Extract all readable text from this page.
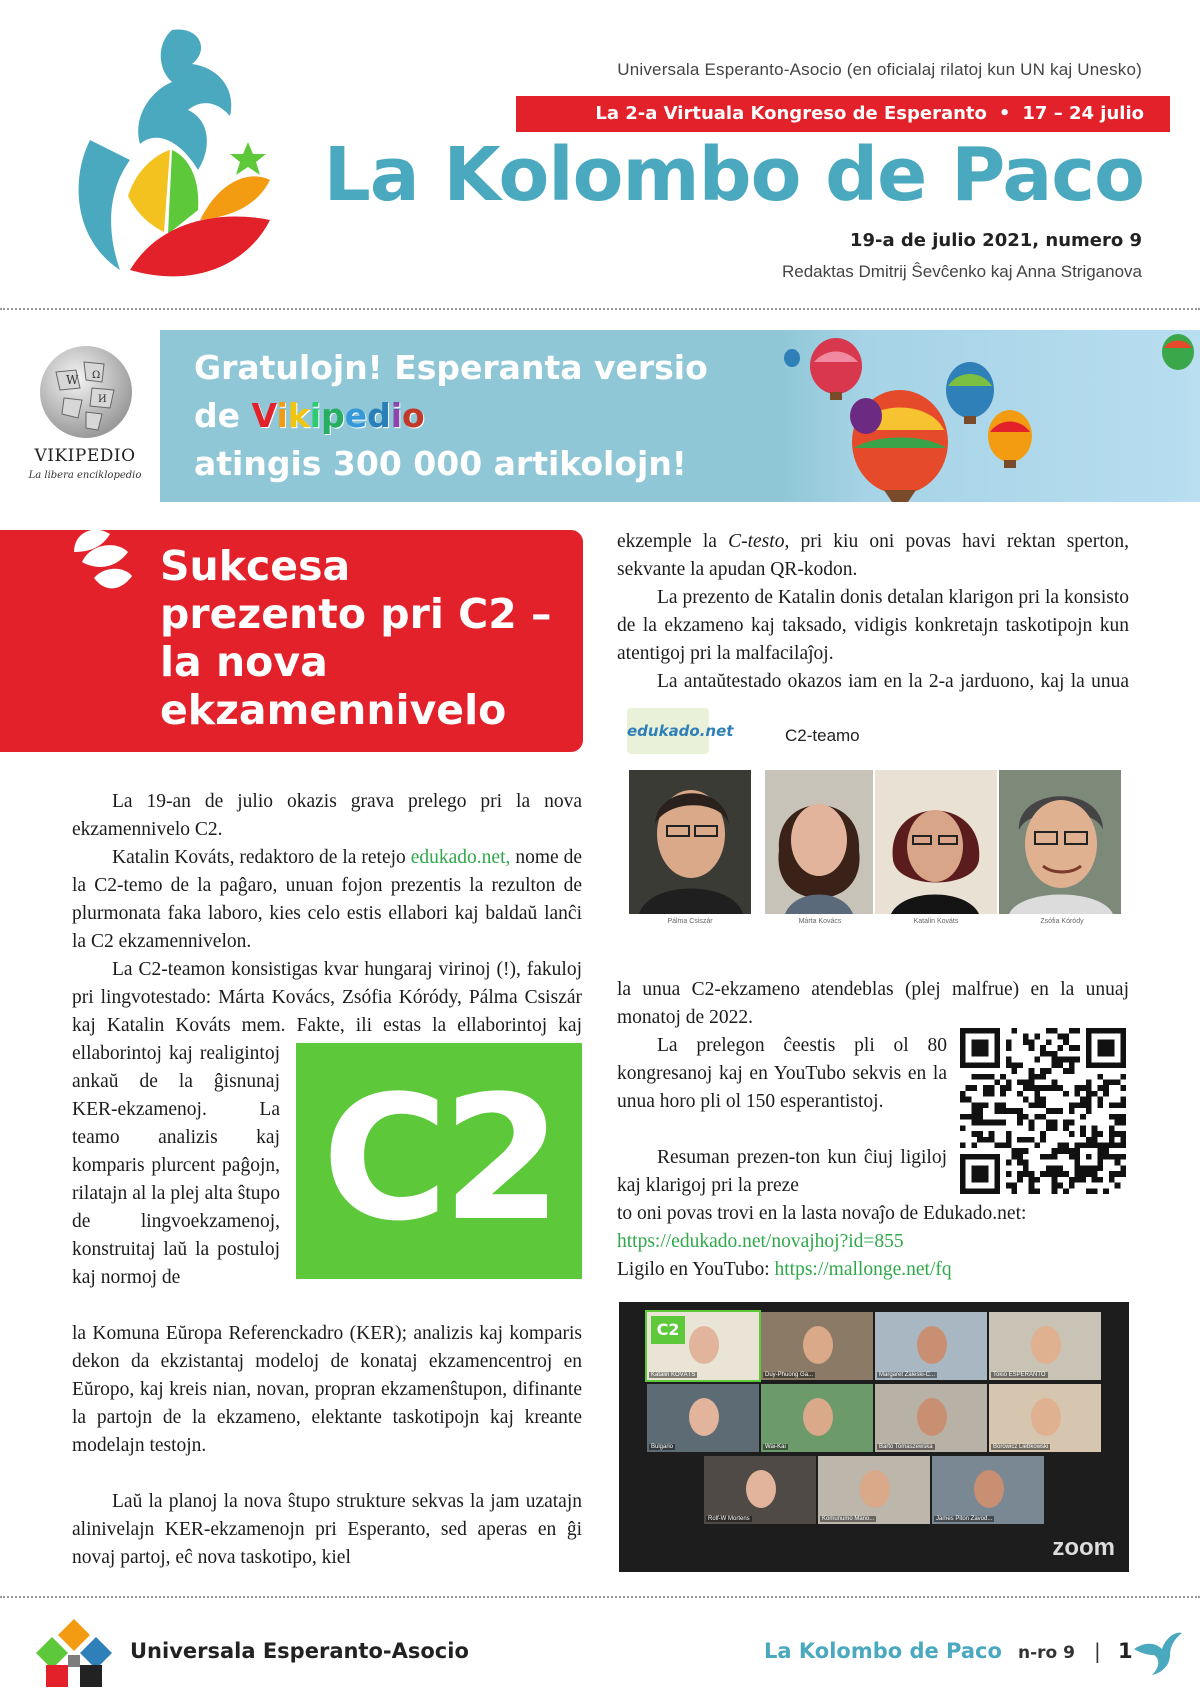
Universala Esperanto-Asocio (en oficialaj rilatoj kun UN kaj Unesko)
La 2-a Virtuala Kongreso de Esperanto • 17 – 24 julio
La Kolombo de Paco
19-a de julio 2021, numero 9
Redaktas Dmitrij Ŝevĉenko kaj Anna Striganova
W Ω
И
VIKIPEDIO
La libera enciklopedio
Gratulojn! Esperanta versio
de Vikipedio
atingis 300 000 artikolojn!
Sukcesa
prezento pri C2 –
la nova
ekzamennivelo

La 19-an de julio okazis grava prelego pri la nova ekzamennivelo C2.

Katalin Kováts, redaktoro de la retejo edukado.net, nome de la C2-temo de la paĝaro, unuan fojon prezentis la rezulton de plurmonata faka laboro, kies celo estis ellabori kaj baldaŭ lanĉi la C2 ekzamennivelon.

La C2-teamon konsistigas kvar hungaraj virinoj (!), fakuloj pri lingvotestado: Márta Kovács, Zsófia Kóródy, Pálma Csiszár kaj Katalin Kováts mem. Fakte, ili estas la ellaborintoj kaj

C2

ellaborintoj kaj realigintoj ankaŭ de la ĝisnunaj KER-ekzamenoj. La teamo analizis kaj komparis plurcent paĝojn, rilatajn al la plej alta ŝtupo de lingvoekzamenoj, konstruitaj laŭ la postuloj kaj normoj de

la Komuna Eŭropa Referenckadro (KER); analizis kaj komparis dekon da ekzistantaj modeloj de konataj ekzamencentroj en Eŭropo, kaj kreis nian, novan, propran ekzamenŝtupon, difinante la partojn de la ekzameno, elektante taskotipojn kaj kreante modelajn testojn.

Laŭ la planoj la nova ŝtupo strukture sekvas la jam uzatajn alinivelajn KER-ekzamenojn pri Esperanto, sed aperas en ĝi novaj partoj, eĉ nova taskotipo, kiel

ekzemple la C-testo, pri kiu oni povas havi rektan sperton, sekvante la apudan QR-kodon.

La prezento de Katalin donis detalan klarigon pri la konsisto de la ekzameno kaj taksado, vidigis konkretajn taskotipojn kun atentigoj pri la malfacilaĵoj.

La antaŭtestado okazos iam en la 2-a jarduono, kaj la unua

edukado.net	C2-teamo
Pálma Csiszár	Márta Kovács	Katalin Kováts	Zsófia Kóródy

la unua C2-ekzameno atendeblas (plej malfrue) en la unuaj monatoj de 2022.

La prelegon ĉeestis pli ol 80 kongresanoj kaj en YouTubo sekvis en la unua horo pli ol 150 esperantistoj.

Resuman prezen-ton kun ĉiuj ligiloj kaj klarigoj pri la preze

to oni povas trovi en la lasta novaĵo de Edukado.net:

https://edukado.net/novajhoj?id=855

Ligilo en YouTubo: https://mallonge.net/fq

C2
Katalin KOVÁTS	Duy-Phuong Ga...	Margaret Zaleski-C...	Tokio ESPERANTO
Bulgario	Wai-Kai	Barto Tomaszewska	Borowicz Liebkowski
Rolf-W Mortens	Komunumo Mano...	James Piton Zavod...
zoom
Universala Esperanto-Asocio	La Kolombo de Paco n-ro 9 | 1
